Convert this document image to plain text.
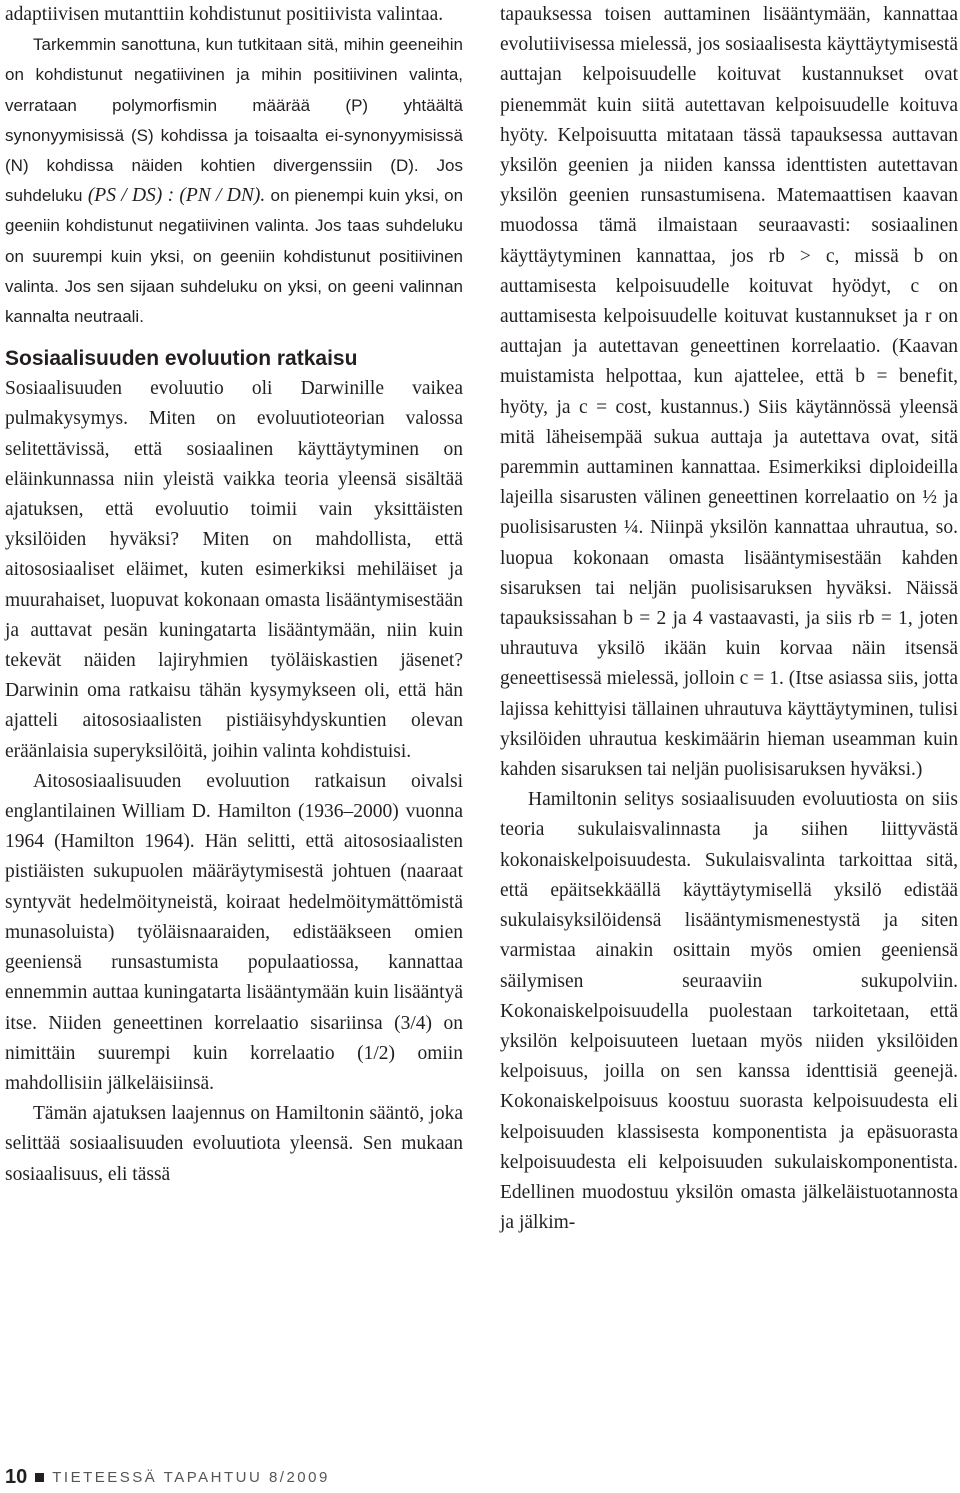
adaptiivisen mutanttiin kohdistunut positiivista valintaa.

Tarkemmin sanottuna, kun tutkitaan sitä, mihin geeneihin on kohdistunut negatiivinen ja mihin positiivinen valinta, verrataan polymorfismin määrää (P) yhtäältä synonyymisissä (S) kohdissa ja toisaalta ei-synonyymisissä (N) kohdissa näiden kohtien divergenssiin (D). Jos suhdeluku (PS / DS) : (PN / DN). on pienempi kuin yksi, on geeniin kohdistunut negatiivinen valinta. Jos taas suhdeluku on suurempi kuin yksi, on geeniin kohdistunut positiivinen valinta. Jos sen sijaan suhdeluku on yksi, on geeni valinnan kannalta neutraali.

Sosiaalisuuden evoluution ratkaisu

Sosiaalisuuden evoluutio oli Darwinille vaikea pulmakysymys. Miten on evoluutioteorian valossa selitettävissä, että sosiaalinen käyttäytyminen on eläinkunnassa niin yleistä vaikka teoria yleensä sisältää ajatuksen, että evoluutio toimii vain yksittäisten yksilöiden hyväksi? Miten on mahdollista, että aitososiaaliset eläimet, kuten esimerkiksi mehiläiset ja muurahaiset, luopuvat kokonaan omasta lisääntymisestään ja auttavat pesän kuningatarta lisääntymään, niin kuin tekevät näiden lajiryhmien työläiskastien jäsenet? Darwinin oma ratkaisu tähän kysymykseen oli, että hän ajatteli aitososiaalisten pistiäisyhdyskuntien olevan eräänlaisia superyksilöitä, joihin valinta kohdistuisi.

Aitososiaalisuuden evoluution ratkaisun oivalsi englantilainen William D. Hamilton (1936–2000) vuonna 1964 (Hamilton 1964). Hän selitti, että aitososiaalisten pistiäisten sukupuolen määräytymisestä johtuen (naaraat syntyvät hedelmöityneistä, koiraat hedelmöitymättömistä munasoluista) työläisnaaraiden, edistääkseen omien geeniensä runsastumista populaatiossa, kannattaa ennemmin auttaa kuningatarta lisääntymään kuin lisääntyä itse. Niiden geneettinen korrelaatio sisariinsa (3/4) on nimittäin suurempi kuin korrelaatio (1/2) omiin mahdollisiin jälkeläisiinsä.

Tämän ajatuksen laajennus on Hamiltonin sääntö, joka selittää sosiaalisuuden evoluutiota yleensä. Sen mukaan sosiaalisuus, eli tässä

tapauksessa toisen auttaminen lisääntymään, kannattaa evolutiivisessa mielessä, jos sosiaalisesta käyttäytymisestä auttajan kelpoisuudelle koituvat kustannukset ovat pienemmät kuin siitä autettavan kelpoisuudelle koituva hyöty. Kelpoisuutta mitataan tässä tapauksessa auttavan yksilön geenien ja niiden kanssa identtisten autettavan yksilön geenien runsastumisena. Matemaattisen kaavan muodossa tämä ilmaistaan seuraavasti: sosiaalinen käyttäytyminen kannattaa, jos rb > c, missä b on auttamisesta kelpoisuudelle koituvat hyödyt, c on auttamisesta kelpoisuudelle koituvat kustannukset ja r on auttajan ja autettavan geneettinen korrelaatio. (Kaavan muistamista helpottaa, kun ajattelee, että b = benefit, hyöty, ja c = cost, kustannus.) Siis käytännössä yleensä mitä läheisempää sukua auttaja ja autettava ovat, sitä paremmin auttaminen kannattaa. Esimerkiksi diploideilla lajeilla sisarusten välinen geneettinen korrelaatio on ½ ja puolisisarusten ¼. Niinpä yksilön kannattaa uhrautua, so. luopua kokonaan omasta lisääntymisestään kahden sisaruksen tai neljän puolisisaruksen hyväksi. Näissä tapauksissahan b = 2 ja 4 vastaavasti, ja siis rb = 1, joten uhrautuva yksilö ikään kuin korvaa näin itsensä geneettisessä mielessä, jolloin c = 1. (Itse asiassa siis, jotta lajissa kehittyisi tällainen uhrautuva käyttäytyminen, tulisi yksilöiden uhrautua keskimäärin hieman useamman kuin kahden sisaruksen tai neljän puolisisaruksen hyväksi.)

Hamiltonin selitys sosiaalisuuden evoluutiosta on siis teoria sukulaisvalinnasta ja siihen liittyvästä kokonaiskelpoisuudesta. Sukulaisvalinta tarkoittaa sitä, että epäitsekkäällä käyttäytymisellä yksilö edistää sukulaisyksilöidensä lisääntymismenestystä ja siten varmistaa ainakin osittain myös omien geeniensä säilymisen seuraaviin sukupolviin. Kokonaiskelpoisuudella puolestaan tarkoitetaan, että yksilön kelpoisuuteen luetaan myös niiden yksilöiden kelpoisuus, joilla on sen kanssa identtisiä geenejä. Kokonaiskelpoisuus koostuu suorasta kelpoisuudesta eli kelpoisuuden klassisesta komponentista ja epäsuorasta kelpoisuudesta eli kelpoisuuden sukulaiskomponentista. Edellinen muodostuu yksilön omasta jälkeläistuotannosta ja jälkim-

10 TIETEESSÄ TAPAHTUU 8/2009
